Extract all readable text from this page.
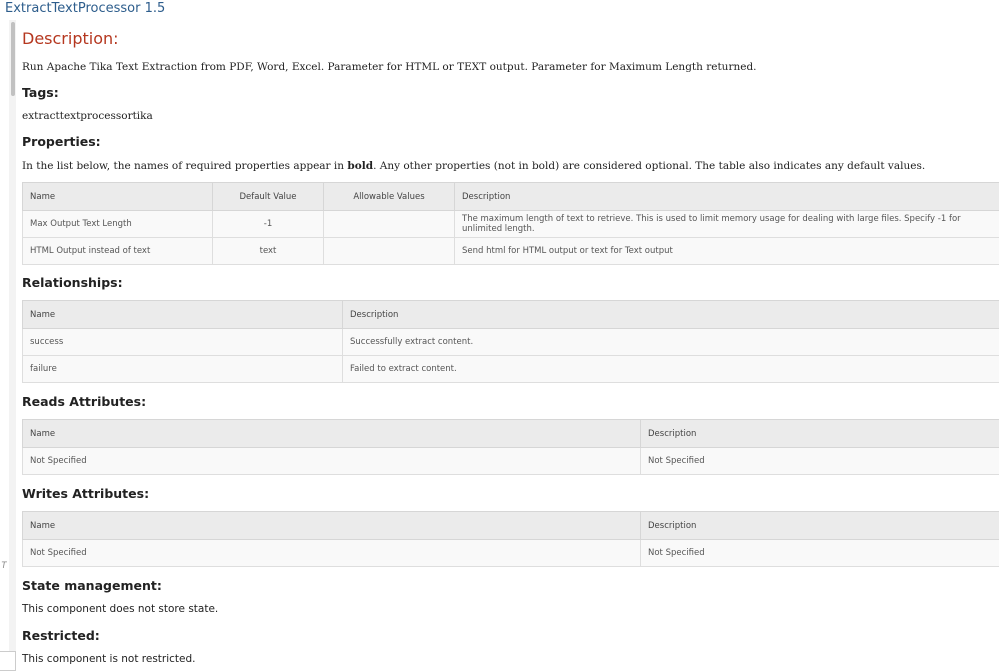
ExtractTextProcessor 1.5
T
Description:
Run Apache Tika Text Extraction from PDF, Word, Excel. Parameter for HTML or TEXT output. Parameter for Maximum Length returned.
Tags:
extracttextprocessortika
Properties:
In the list below, the names of required properties appear in bold. Any other properties (not in bold) are considered optional. The table also indicates any default values.
Name	Default Value	Allowable Values	Description
Max Output Text Length	-1		The maximum length of text to retrieve. This is used to limit memory usage for dealing with large files. Specify -1 for unlimited length.
HTML Output instead of text	text		Send html for HTML output or text for Text output
Relationships:
Name	Description
success	Successfully extract content.
failure	Failed to extract content.
Reads Attributes:
Name	Description
Not Specified	Not Specified
Writes Attributes:
Name	Description
Not Specified	Not Specified
State management:
This component does not store state.
Restricted:
This component is not restricted.
